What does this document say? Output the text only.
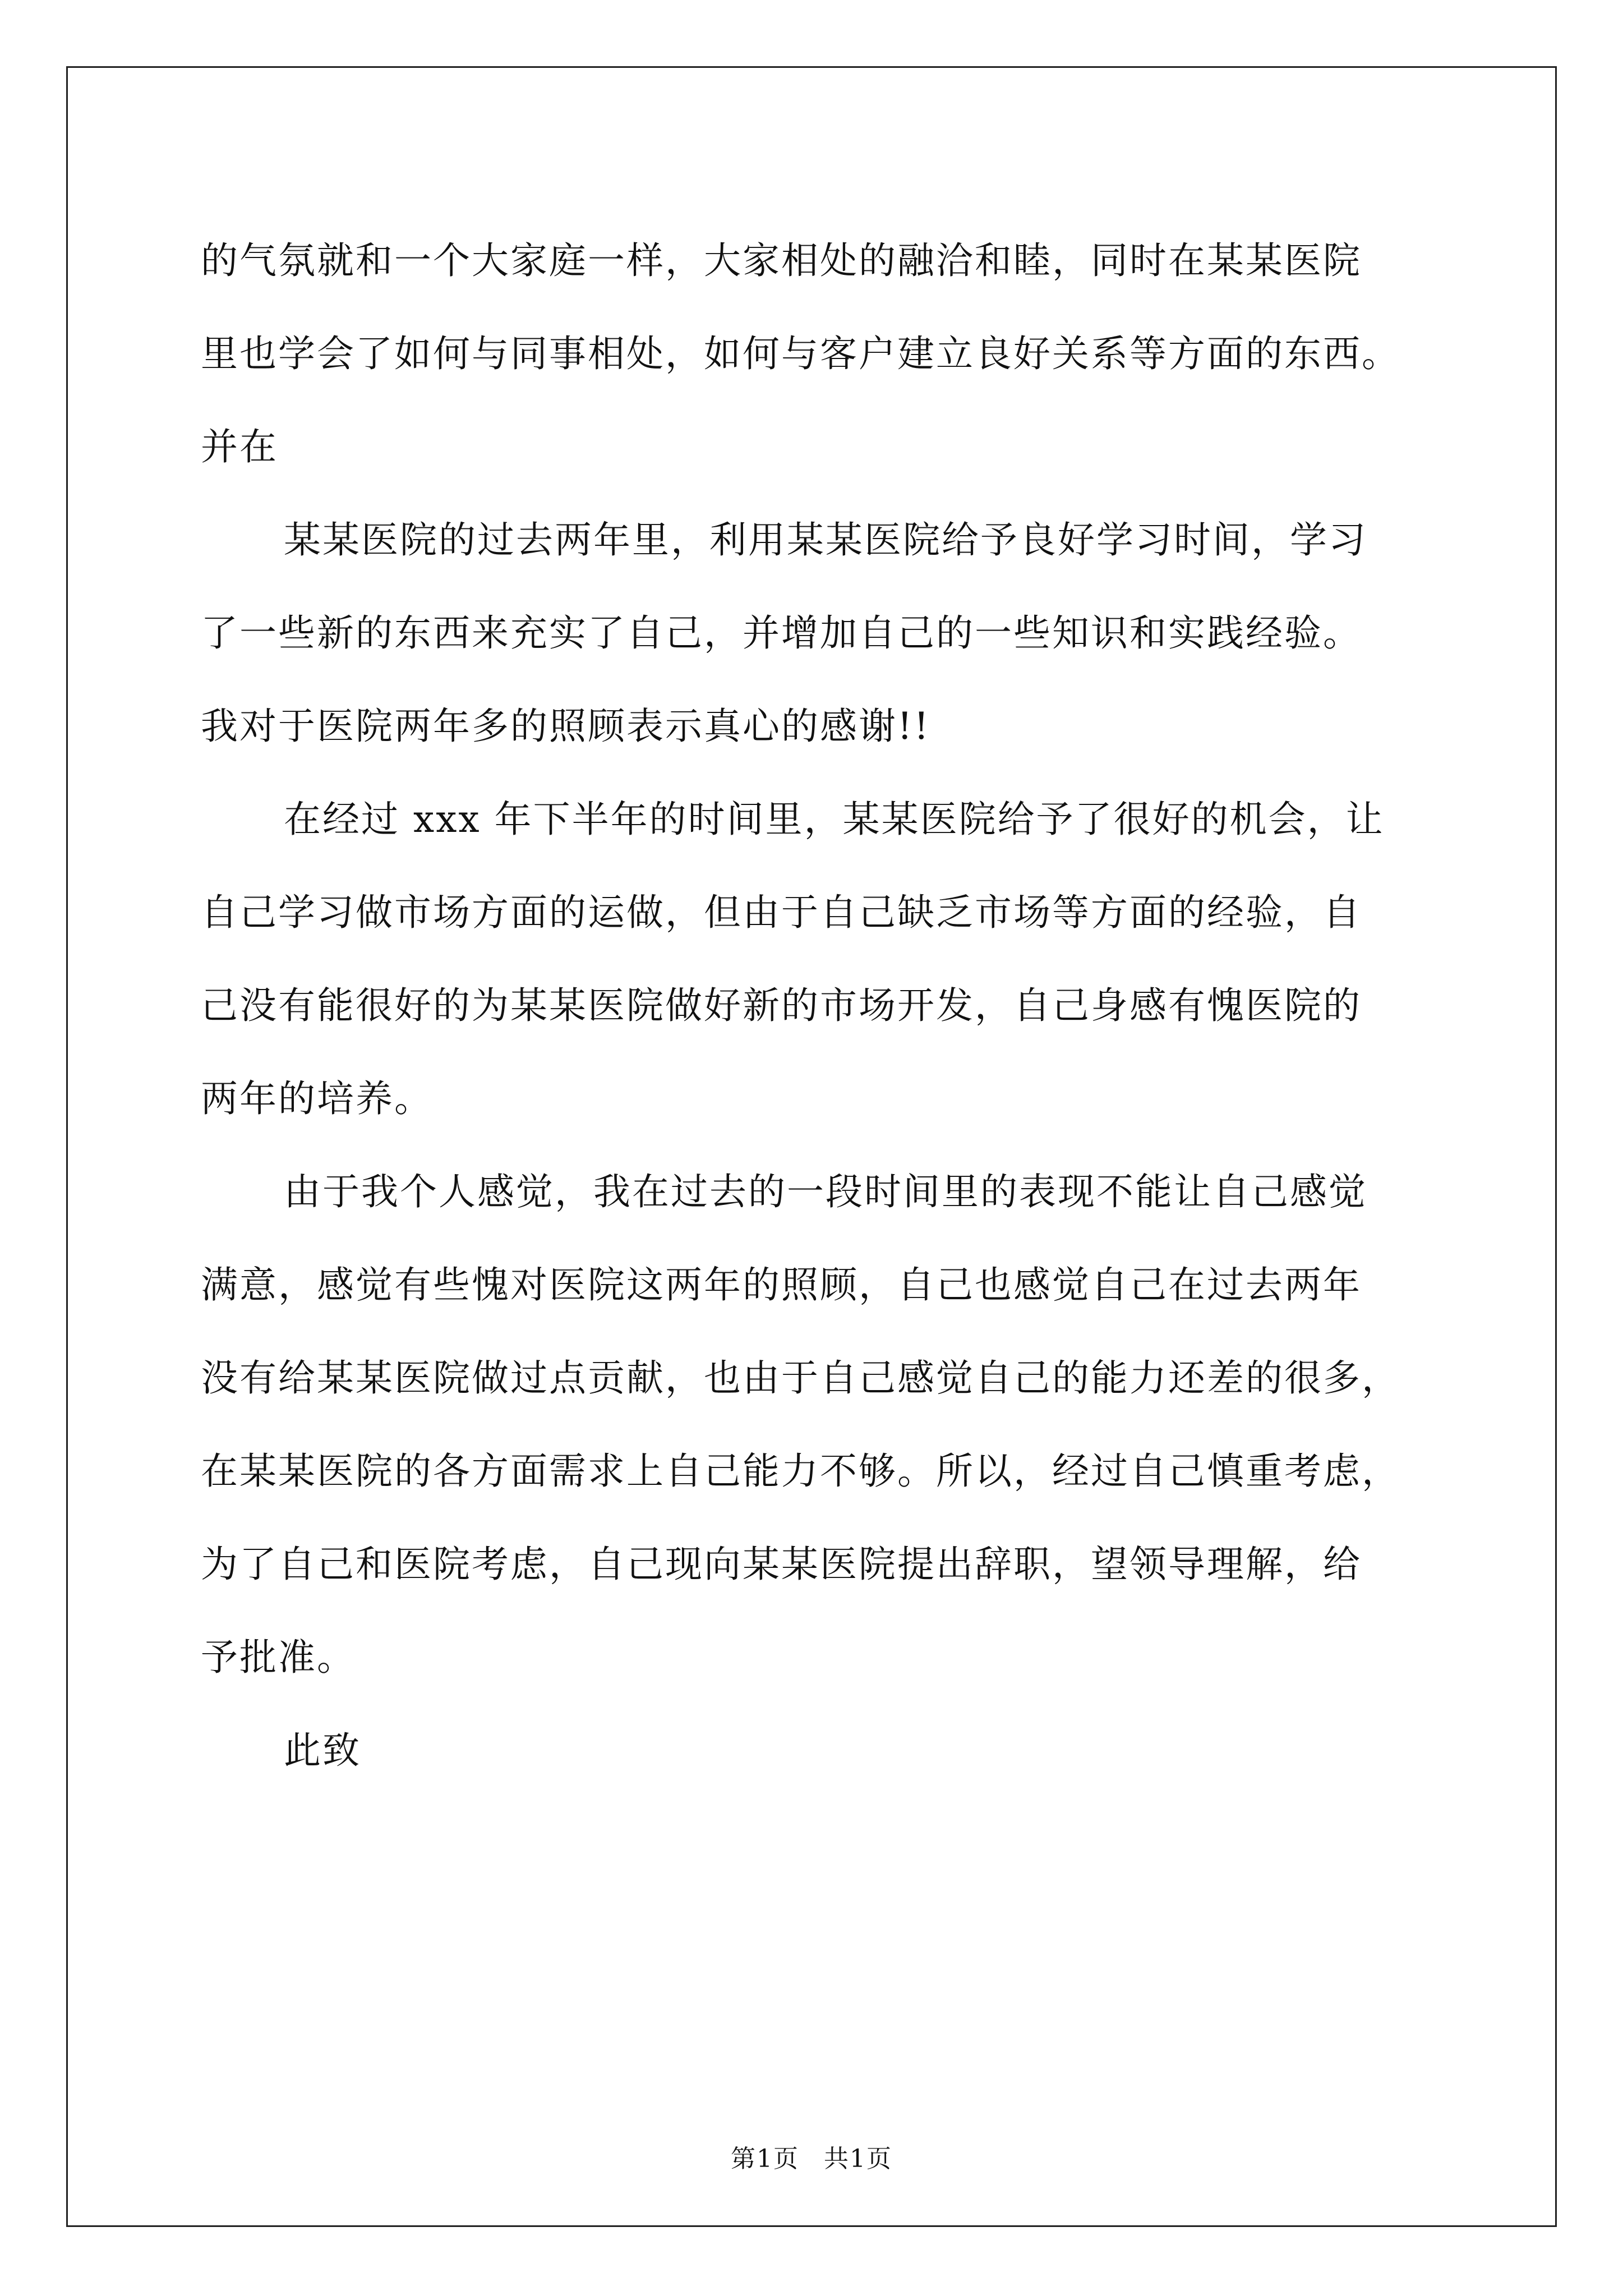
的气氛就和一个大家庭一样，大家相处的融洽和睦，同时在某某医院
里也学会了如何与同事相处，如何与客户建立良好关系等方面的东西。
并在

某某医院的过去两年里，利用某某医院给予良好学习时间，学习
了一些新的东西来充实了自己，并增加自己的一些知识和实践经验。
我对于医院两年多的照顾表示真心的感谢!!

在经过 xxx 年下半年的时间里，某某医院给予了很好的机会，让
自己学习做市场方面的运做，但由于自己缺乏市场等方面的经验，自
己没有能很好的为某某医院做好新的市场开发，自己身感有愧医院的
两年的培养。

由于我个人感觉，我在过去的一段时间里的表现不能让自己感觉
满意，感觉有些愧对医院这两年的照顾，自己也感觉自己在过去两年
没有给某某医院做过点贡献，也由于自己感觉自己的能力还差的很多，
在某某医院的各方面需求上自己能力不够。所以，经过自己慎重考虑，
为了自己和医院考虑，自己现向某某医院提出辞职，望领导理解，给
予批准。

此致

第1页 共1页
